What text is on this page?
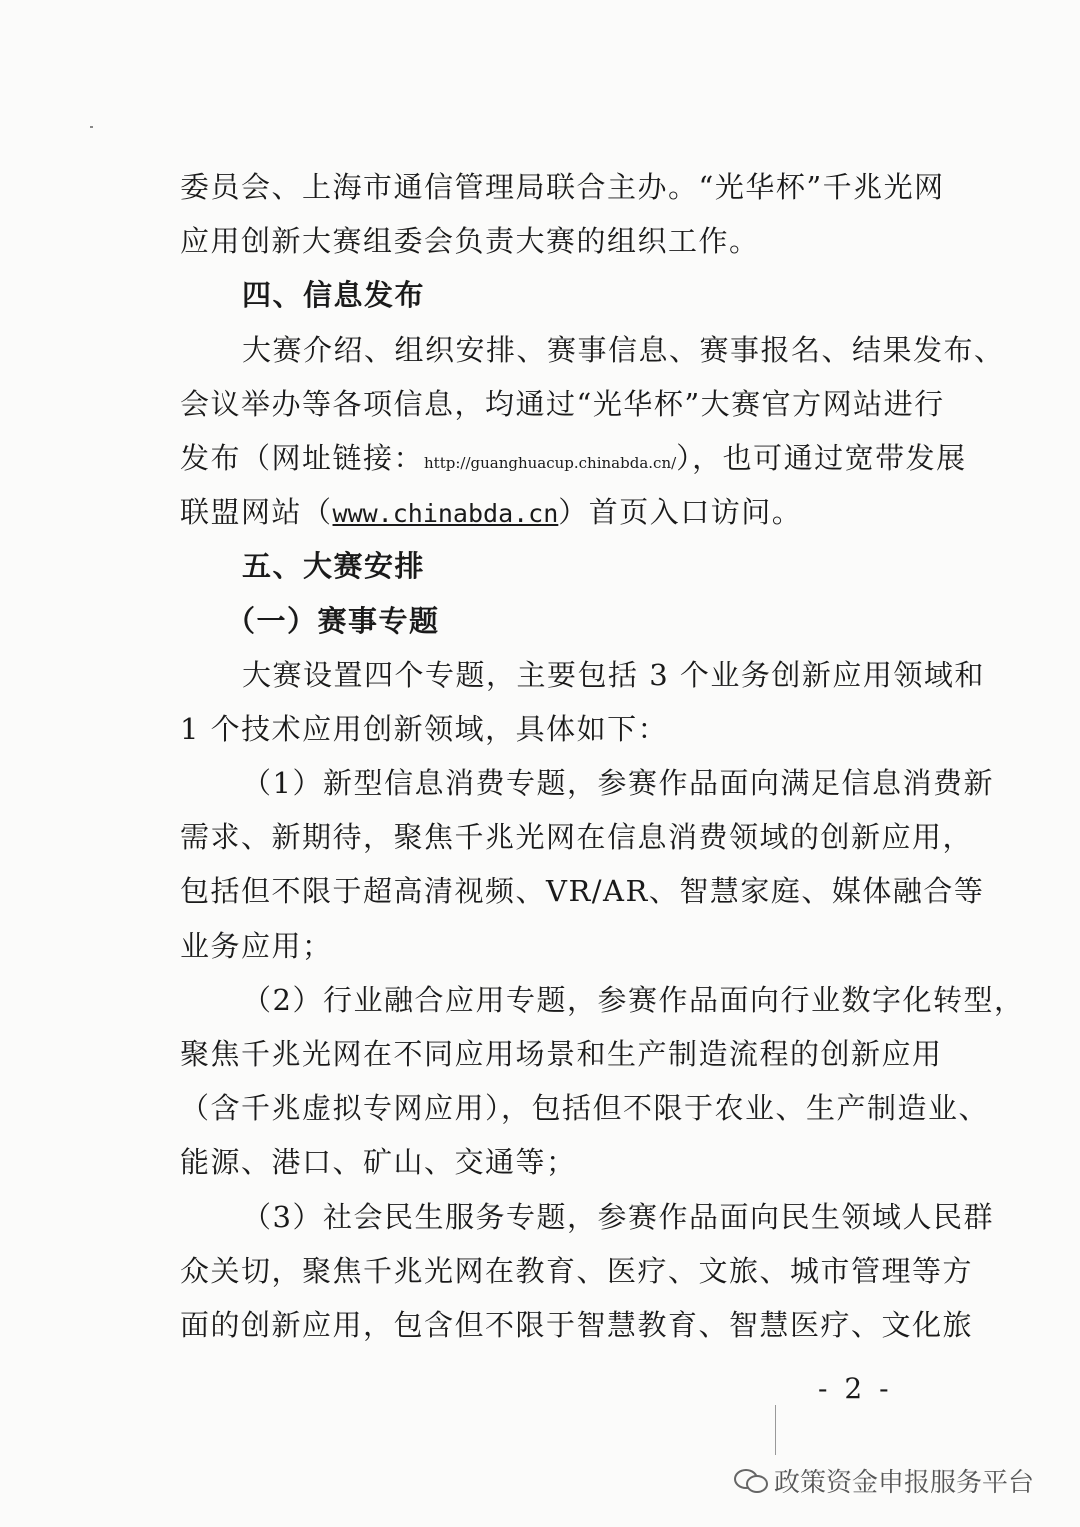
委员会、上海市通信管理局联合主办。“光华杯”千兆光网
应用创新大赛组委会负责大赛的组织工作。
四、信息发布
大赛介绍、组织安排、赛事信息、赛事报名、结果发布、
会议举办等各项信息，均通过“光华杯”大赛官方网站进行
发布（网址链接：http://guanghuacup.chinabda.cn/），也可通过宽带发展
联盟网站（www.chinabda.cn）首页入口访问。
五、大赛安排
（一）赛事专题
大赛设置四个专题，主要包括 3 个业务创新应用领域和
1 个技术应用创新领域，具体如下：
（1）新型信息消费专题，参赛作品面向满足信息消费新
需求、新期待，聚焦千兆光网在信息消费领域的创新应用，
包括但不限于超高清视频、VR/AR、智慧家庭、媒体融合等
业务应用；
（2）行业融合应用专题，参赛作品面向行业数字化转型，
聚焦千兆光网在不同应用场景和生产制造流程的创新应用
（含千兆虚拟专网应用），包括但不限于农业、生产制造业、
能源、港口、矿山、交通等；
（3）社会民生服务专题，参赛作品面向民生领域人民群
众关切，聚焦千兆光网在教育、医疗、文旅、城市管理等方
面的创新应用，包含但不限于智慧教育、智慧医疗、文化旅
- 2 -
政策资金申报服务平台
